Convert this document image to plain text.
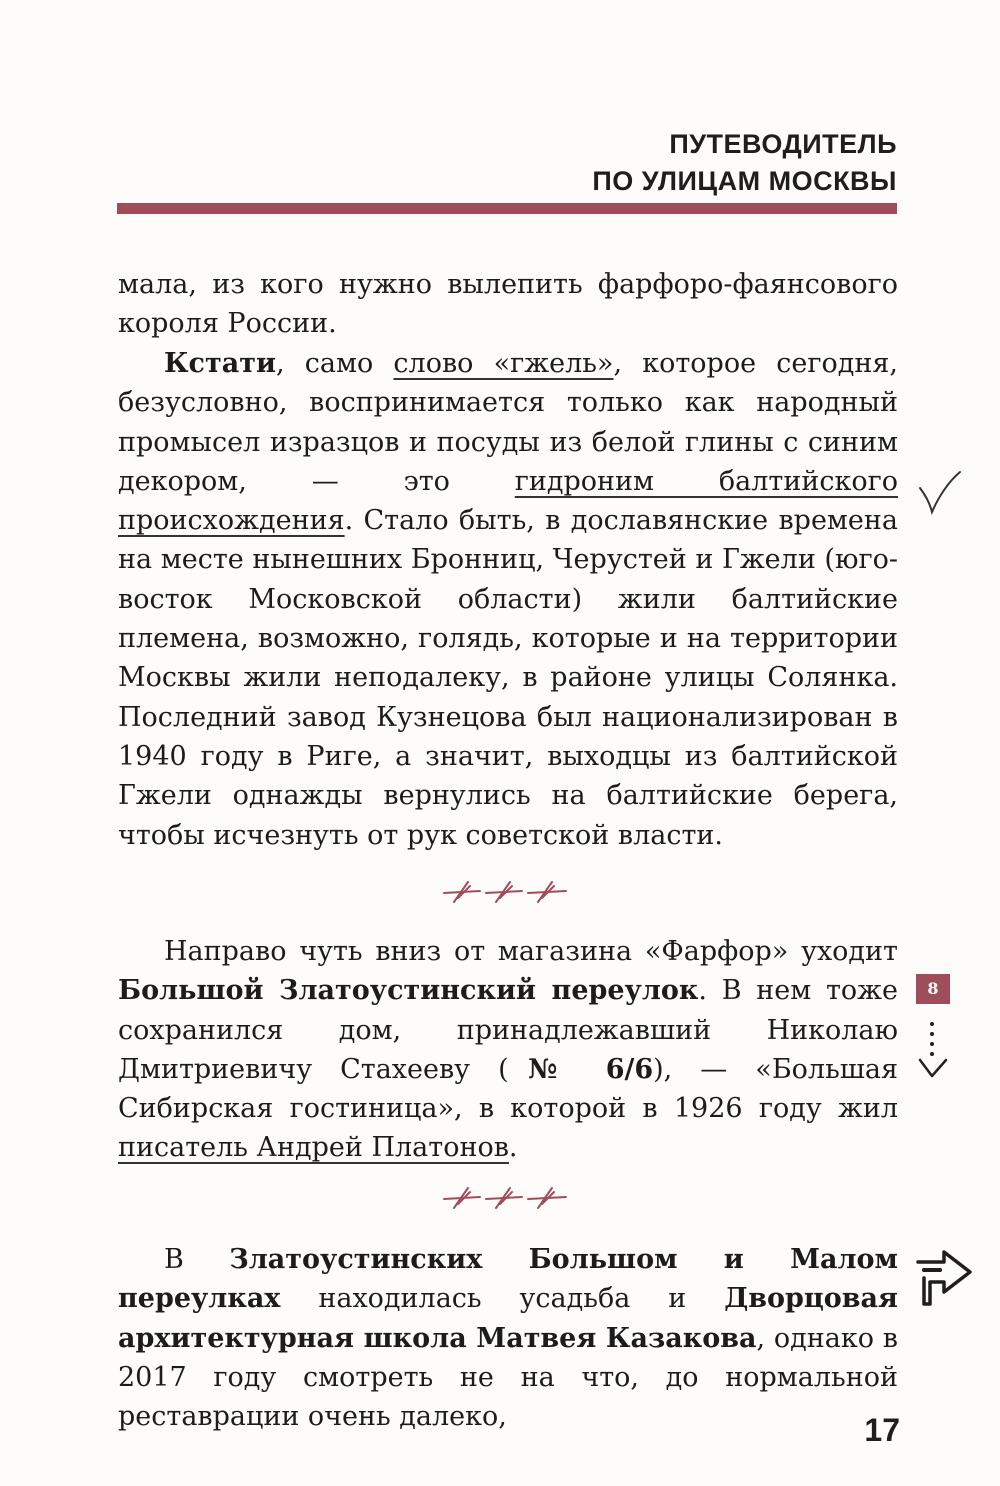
ПУТЕВОДИТЕЛЬ
ПО УЛИЦАМ МОСКВЫ

мала, из кого нужно вылепить фарфоро-фаянсового короля России.

Кстати, само слово «гжель», которое сегодня, безусловно, воспринимается только как народный промысел изразцов и посуды из белой глины с синим декором, — это гидроним балтийского происхождения. Стало быть, в дославянские времена на месте нынешних Бронниц, Черустей и Гжели (юго-восток Московской области) жили балтийские племена, возможно, голядь, которые и на территории Москвы жили неподалеку, в районе улицы Солянка. Последний завод Кузнецова был национализирован в 1940 году в Риге, а значит, выходцы из балтийской Гжели однажды вернулись на балтийские берега, чтобы исчезнуть от рук советской власти.

Направо чуть вниз от магазина «Фарфор» уходит Большой Златоустинский переулок. В нем тоже сохранился дом, принадлежавший Николаю Дмитриевичу Стахееву (№ 6/6), — «Большая Сибирская гостиница», в которой в 1926 году жил писатель Андрей Платонов.

8

В Златоустинских Большом и Малом переулках находилась усадьба и Дворцовая архитектурная школа Матвея Казакова, однако в 2017 году смотреть не на что, до нормальной реставрации очень далеко,	17
